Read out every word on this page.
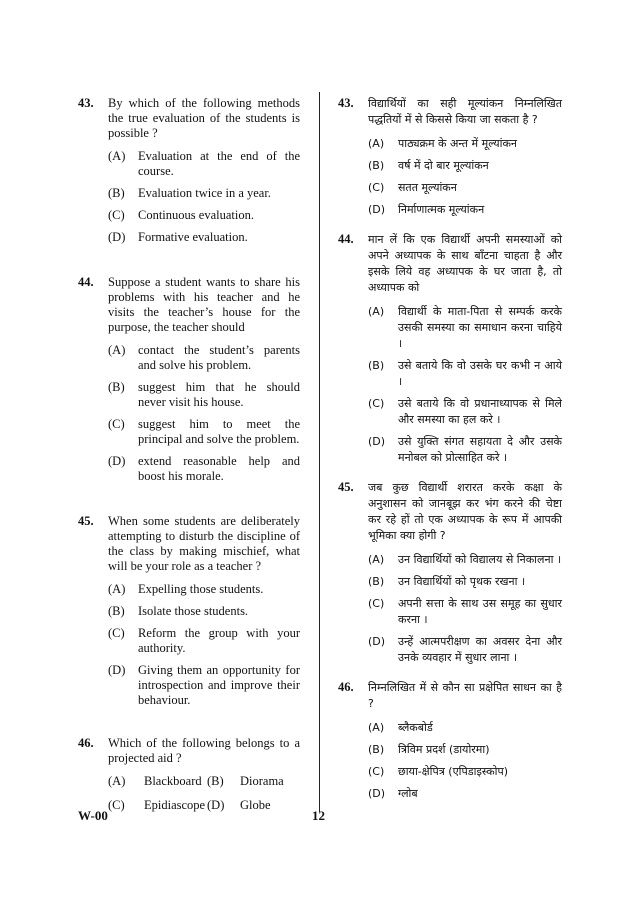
43. By which of the following methods the true evaluation of the students is possible ?
(A) Evaluation at the end of the course.
(B) Evaluation twice in a year.
(C) Continuous evaluation.
(D) Formative evaluation.
44. Suppose a student wants to share his problems with his teacher and he visits the teacher’s house for the purpose, the teacher should
(A) contact the student’s parents and solve his problem.
(B) suggest him that he should never visit his house.
(C) suggest him to meet the principal and solve the problem.
(D) extend reasonable help and boost his morale.
45. When some students are deliberately attempting to disturb the discipline of the class by making mischief, what will be your role as a teacher ?
(A) Expelling those students.
(B) Isolate those students.
(C) Reform the group with your authority.
(D) Giving them an opportunity for introspection and improve their behaviour.
46. Which of the following belongs to a projected aid ?
(A)	Blackboard (B)	Diorama
(C)	Epidiascope (D)	Globe
43. विद्यार्थियों का सही मूल्यांकन निम्नलिखित पद्धतियों में से किससे किया जा सकता है ?
(A) पाठ्यक्रम के अन्त में मूल्यांकन
(B) वर्ष में दो बार मूल्यांकन
(C) सतत मूल्यांकन
(D) निर्माणात्मक मूल्यांकन
44. मान लें कि एक विद्यार्थी अपनी समस्याओं को अपने अध्यापक के साथ बाँटना चाहता है और इसके लिये वह अध्यापक के घर जाता है, तो अध्यापक को
(A) विद्यार्थी के माता-पिता से सम्पर्क करके उसकी समस्या का समाधान करना चाहिये ।
(B) उसे बताये कि वो उसके घर कभी न आये ।
(C) उसे बताये कि वो प्रधानाध्यापक से मिले और समस्या का हल करे ।
(D) उसे युक्ति संगत सहायता दे और उसके मनोबल को प्रोत्साहित करे ।
45. जब कुछ विद्यार्थी शरारत करके कक्षा के अनुशासन को जानबूझ कर भंग करने की चेष्टा कर रहे हों तो एक अध्यापक के रूप में आपकी भूमिका क्या होगी ?
(A) उन विद्यार्थियों को विद्यालय से निकालना ।
(B) उन विद्यार्थियों को पृथक रखना ।
(C) अपनी सत्ता के साथ उस समूह का सुधार करना ।
(D) उन्हें आत्मपरीक्षण का अवसर देना और उनके व्यवहार में सुधार लाना ।
46. निम्नलिखित में से कौन सा प्रक्षेपित साधन का है ?
(A) ब्लैकबोर्ड
(B) त्रिविम प्रदर्श (डायोरमा)
(C) छाया-क्षेपित्र (एपिडाइस्कोप)
(D) ग्लोब
W-00	12
